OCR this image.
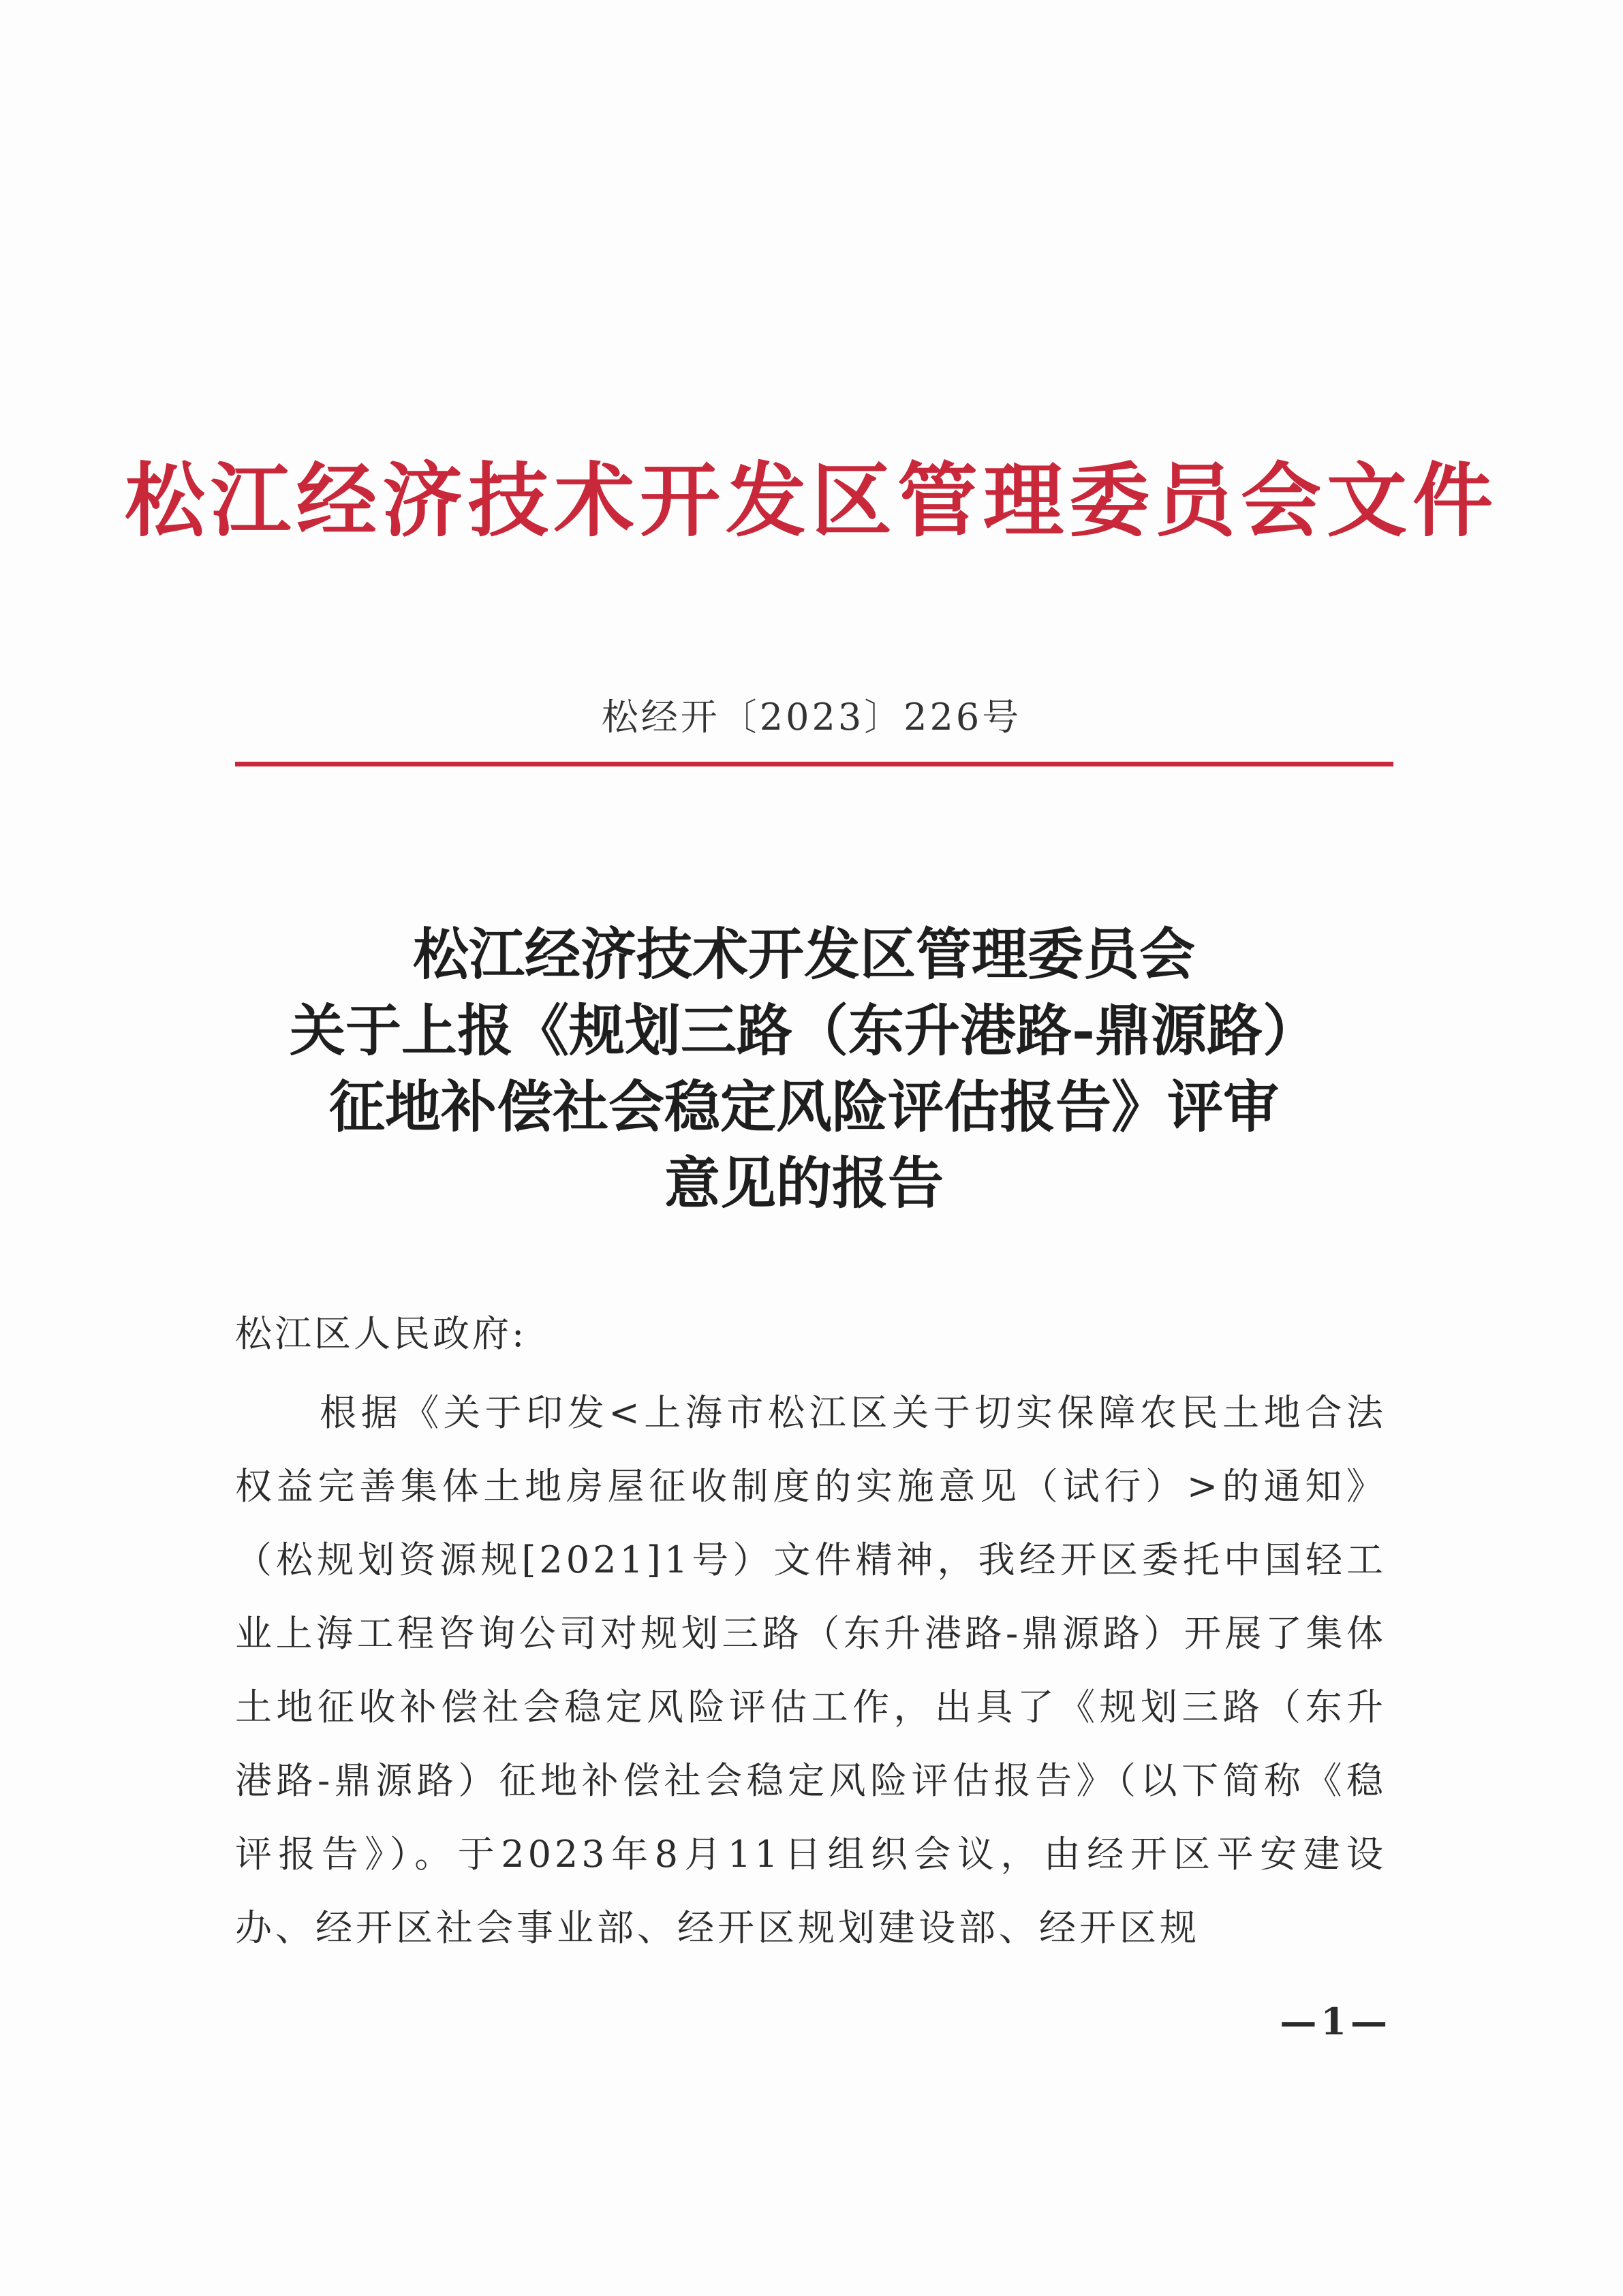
松江经济技术开发区管理委员会文件
松经开〔2023〕226号
松江经济技术开发区管理委员会
关于上报《规划三路（东升港路-鼎源路）
征地补偿社会稳定风险评估报告》评审
意见的报告
松江区人民政府:
根据《关于印发<上海市松江区关于切实保障农民土地合法权益完善集体土地房屋征收制度的实施意见（试行）>的通知》（松规划资源规[2021]1号）文件精神，我经开区委托中国轻工业上海工程咨询公司对规划三路（东升港路-鼎源路）开展了集体土地征收补偿社会稳定风险评估工作，出具了《规划三路（东升港路-鼎源路）征地补偿社会稳定风险评估报告》（以下简称《稳评报告》）。于2023年8月11日组织会议，由经开区平安建设办、经开区社会事业部、经开区规划建设部、经开区规
—1—
